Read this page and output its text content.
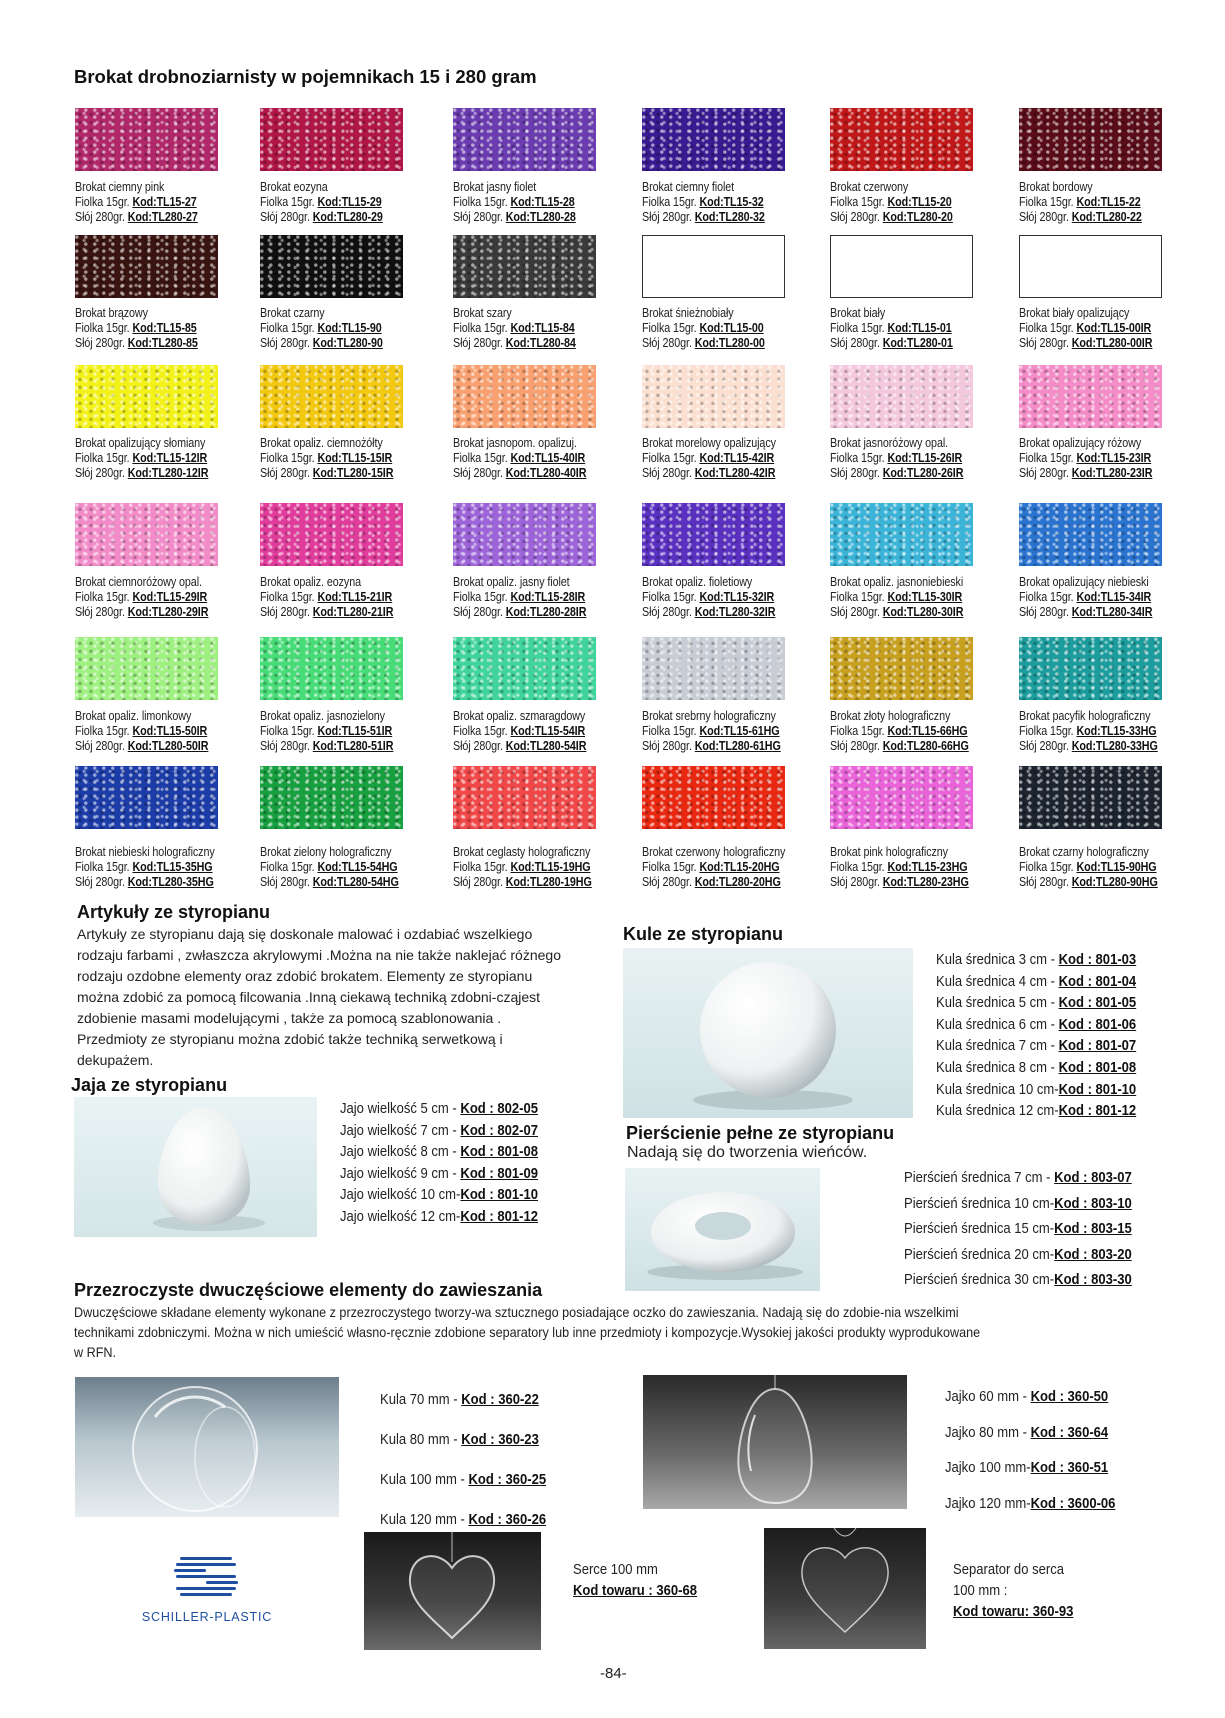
Brokat drobnoziarnisty w pojemnikach 15 i 280 gram
Brokat ciemny pink
Fiolka 15gr. Kod:TL15-27
Słój 280gr. Kod:TL280-27
Brokat eozyna
Fiolka 15gr. Kod:TL15-29
Słój 280gr. Kod:TL280-29
Brokat jasny fiolet
Fiolka 15gr. Kod:TL15-28
Słój 280gr. Kod:TL280-28
Brokat ciemny fiolet
Fiolka 15gr. Kod:TL15-32
Słój 280gr. Kod:TL280-32
Brokat czerwony
Fiolka 15gr. Kod:TL15-20
Słój 280gr. Kod:TL280-20
Brokat bordowy
Fiolka 15gr. Kod:TL15-22
Słój 280gr. Kod:TL280-22
Brokat brązowy
Fiolka 15gr. Kod:TL15-85
Słój 280gr. Kod:TL280-85
Brokat czarny
Fiolka 15gr. Kod:TL15-90
Słój 280gr. Kod:TL280-90
Brokat szary
Fiolka 15gr. Kod:TL15-84
Słój 280gr. Kod:TL280-84
Brokat śnieżnobiały
Fiolka 15gr. Kod:TL15-00
Słój 280gr. Kod:TL280-00
Brokat biały
Fiolka 15gr. Kod:TL15-01
Słój 280gr. Kod:TL280-01
Brokat biały opalizujący
Fiolka 15gr. Kod:TL15-00IR
Słój 280gr. Kod:TL280-00IR
Brokat opalizujący słomiany
Fiolka 15gr. Kod:TL15-12IR
Słój 280gr. Kod:TL280-12IR
Brokat opaliz. ciemnożółty
Fiolka 15gr. Kod:TL15-15IR
Słój 280gr. Kod:TL280-15IR
Brokat jasnopom. opalizuj.
Fiolka 15gr. Kod:TL15-40IR
Słój 280gr. Kod:TL280-40IR
Brokat morelowy opalizujący
Fiolka 15gr. Kod:TL15-42IR
Słój 280gr. Kod:TL280-42IR
Brokat jasnoróżowy opal.
Fiolka 15gr. Kod:TL15-26IR
Słój 280gr. Kod:TL280-26IR
Brokat opalizujący różowy
Fiolka 15gr. Kod:TL15-23IR
Słój 280gr. Kod:TL280-23IR
Brokat ciemnoróżowy opal.
Fiolka 15gr. Kod:TL15-29IR
Słój 280gr. Kod:TL280-29IR
Brokat opaliz. eozyna
Fiolka 15gr. Kod:TL15-21IR
Słój 280gr. Kod:TL280-21IR
Brokat opaliz. jasny fiolet
Fiolka 15gr. Kod:TL15-28IR
Słój 280gr. Kod:TL280-28IR
Brokat opaliz. fioletiowy
Fiolka 15gr. Kod:TL15-32IR
Słój 280gr. Kod:TL280-32IR
Brokat opaliz. jasnoniebieski
Fiolka 15gr. Kod:TL15-30IR
Słój 280gr. Kod:TL280-30IR
Brokat opalizujący niebieski
Fiolka 15gr. Kod:TL15-34IR
Słój 280gr. Kod:TL280-34IR
Brokat opaliz. limonkowy
Fiolka 15gr. Kod:TL15-50IR
Słój 280gr. Kod:TL280-50IR
Brokat opaliz. jasnozielony
Fiolka 15gr. Kod:TL15-51IR
Słój 280gr. Kod:TL280-51IR
Brokat opaliz. szmaragdowy
Fiolka 15gr. Kod:TL15-54IR
Słój 280gr. Kod:TL280-54IR
Brokat srebrny holograficzny
Fiolka 15gr. Kod:TL15-61HG
Słój 280gr. Kod:TL280-61HG
Brokat złoty holograficzny
Fiolka 15gr. Kod:TL15-66HG
Słój 280gr. Kod:TL280-66HG
Brokat pacyfik holograficzny
Fiolka 15gr. Kod:TL15-33HG
Słój 280gr. Kod:TL280-33HG
Brokat niebieski holograficzny
Fiolka 15gr. Kod:TL15-35HG
Słój 280gr. Kod:TL280-35HG
Brokat zielony holograficzny
Fiolka 15gr. Kod:TL15-54HG
Słój 280gr. Kod:TL280-54HG
Brokat ceglasty holograficzny
Fiolka 15gr. Kod:TL15-19HG
Słój 280gr. Kod:TL280-19HG
Brokat czerwony holograficzny
Fiolka 15gr. Kod:TL15-20HG
Słój 280gr. Kod:TL280-20HG
Brokat pink holograficzny
Fiolka 15gr. Kod:TL15-23HG
Słój 280gr. Kod:TL280-23HG
Brokat czarny holograficzny
Fiolka 15gr. Kod:TL15-90HG
Słój 280gr. Kod:TL280-90HG
Artykuły ze styropianu
Artykuły ze styropianu dają się doskonale malować i ozdabiać wszelkiego
rodzaju farbami , zwłaszcza akrylowymi .Można na nie także naklejać różnego
rodzaju ozdobne elementy oraz zdobić brokatem. Elementy ze styropianu
można zdobić za pomocą filcowania .Inną ciekawą techniką zdobni-cząjest
zdobienie masami modelującymi , także za pomocą szablonowania .
Przedmioty ze styropianu można zdobić także techniką serwetkową i
dekupażem.
Jaja ze styropianu
Jajo wielkość 5 cm - Kod : 802-05
Jajo wielkość 7 cm - Kod : 802-07
Jajo wielkość 8 cm - Kod : 801-08
Jajo wielkość 9 cm - Kod : 801-09
Jajo wielkość 10 cm-Kod : 801-10
Jajo wielkość 12 cm-Kod : 801-12
Kule ze styropianu
Kula średnica 3 cm - Kod : 801-03
Kula średnica 4 cm - Kod : 801-04
Kula średnica 5 cm - Kod : 801-05
Kula średnica 6 cm - Kod : 801-06
Kula średnica 7 cm - Kod : 801-07
Kula średnica 8 cm - Kod : 801-08
Kula średnica 10 cm-Kod : 801-10
Kula średnica 12 cm-Kod : 801-12
Pierścienie pełne ze styropianu
Nadają się do tworzenia wieńców.
Pierścień średnica 7 cm - Kod : 803-07
Pierścień średnica 10 cm-Kod : 803-10
Pierścień średnica 15 cm-Kod : 803-15
Pierścień średnica 20 cm-Kod : 803-20
Pierścień średnica 30 cm-Kod : 803-30
Przezroczyste dwuczęściowe elementy do zawieszania
Dwuczęściowe składane elementy wykonane z przezroczystego tworzy-wa sztucznego posiadające oczko do zawieszania. Nadają się do zdobie-nia wszelkimi
technikami zdobniczymi. Można w nich umieścić własno-ręcznie zdobione separatory lub inne przedmioty i kompozycje.Wysokiej jakości produkty wyprodukowane
w RFN.
Kula 70 mm - Kod : 360-22
Kula 80 mm - Kod : 360-23
Kula 100 mm - Kod : 360-25
Kula 120 mm - Kod : 360-26
Jajko 60 mm - Kod : 360-50
Jajko 80 mm - Kod : 360-64
Jajko 100 mm-Kod : 360-51
Jajko 120 mm-Kod : 3600-06
SCHILLER-PLASTIC
Serce 100 mm
Kod towaru : 360-68
Separator do serca
100 mm :
Kod towaru: 360-93
-84-
